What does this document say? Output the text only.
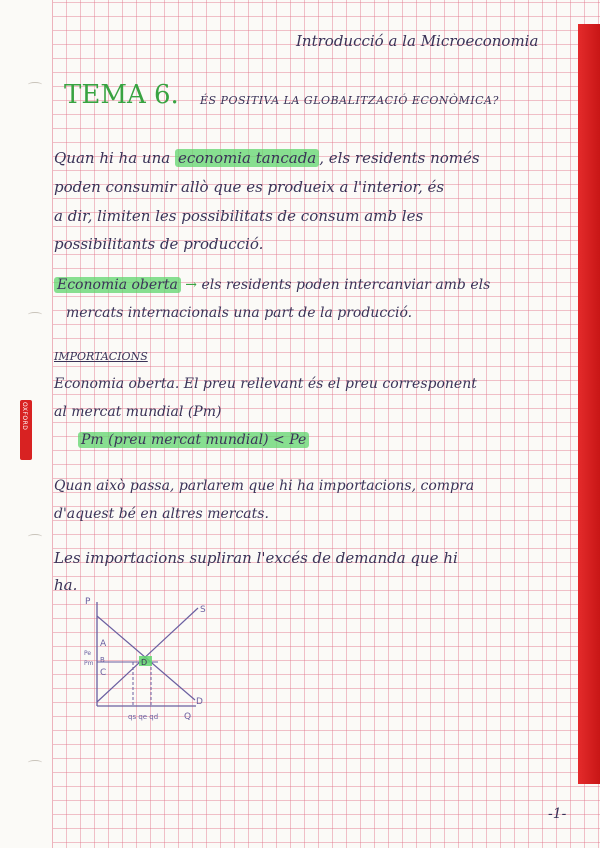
OXFORD
Introducció a la Microeconomia
TEMA 6. ÉS POSITIVA LA GLOBALITZACIÓ ECONÒMICA?
Quan hi ha una economia tancada , els residents només
poden consumir allò que es produeix a l'interior, és
a dir, limiten les possibilitats de consum amb les
possibilitants de producció.
Economia oberta → els residents poden intercanviar amb els
mercats internacionals una part de la producció.
IMPORTACIONS
Economia oberta. El preu rellevant és el preu corresponent
al mercat mundial (Pm)
Pm (preu mercat mundial) < Pe
Quan això passa, parlarem que hi ha importacions, compra
d'aquest bé en altres mercats.
Les importacions supliran l'excés de demanda que hi
ha.
P
Q
S
D
A
B
C
D
Pe
Pm
qs qe qd
-1-
